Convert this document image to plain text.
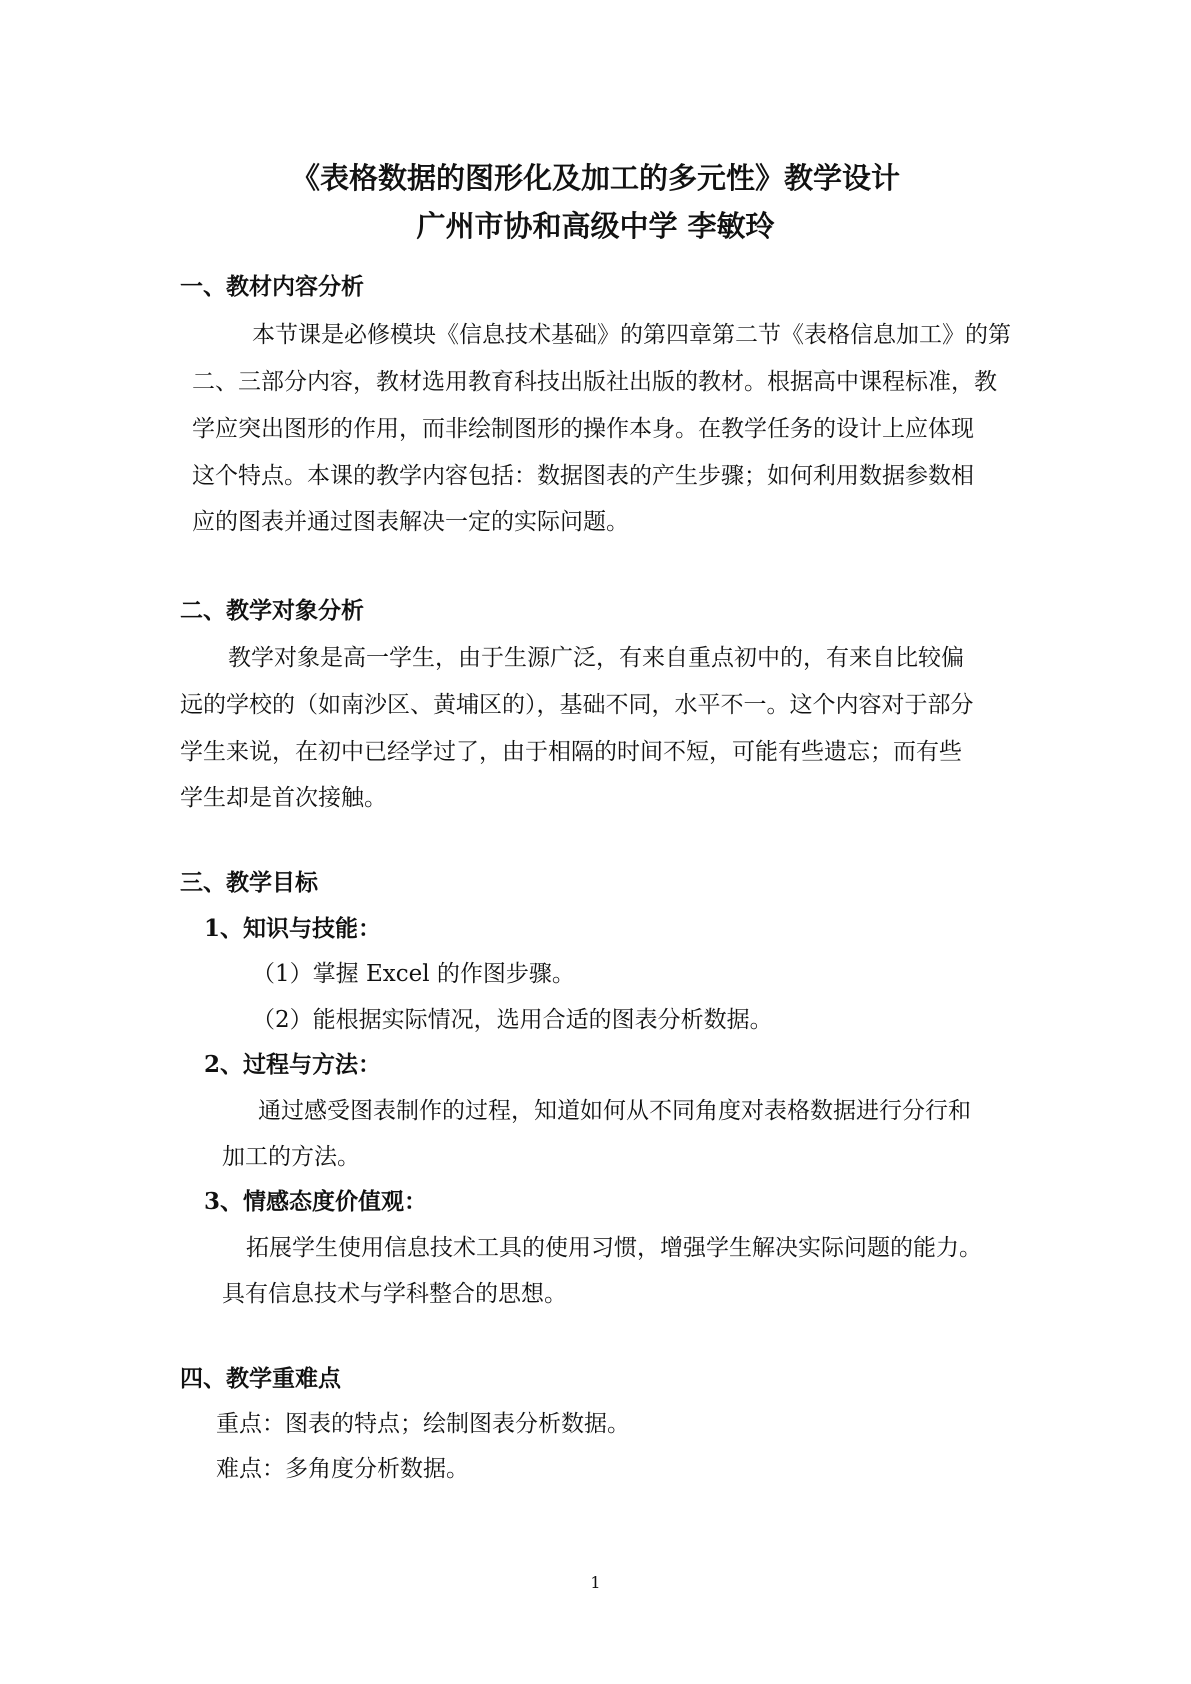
《表格数据的图形化及加工的多元性》教学设计
广州市协和高级中学 李敏玲
一、教材内容分析
本节课是必修模块《信息技术基础》的第四章第二节《表格信息加工》的第
二、三部分内容，教材选用教育科技出版社出版的教材。根据高中课程标准，教
学应突出图形的作用，而非绘制图形的操作本身。在教学任务的设计上应体现
这个特点。本课的教学内容包括：数据图表的产生步骤；如何利用数据参数相
应的图表并通过图表解决一定的实际问题。
二、教学对象分析
教学对象是高一学生，由于生源广泛，有来自重点初中的，有来自比较偏
远的学校的（如南沙区、黄埔区的），基础不同，水平不一。这个内容对于部分
学生来说，在初中已经学过了，由于相隔的时间不短，可能有些遗忘；而有些
学生却是首次接触。
三、教学目标
1、知识与技能：
（1）掌握 Excel 的作图步骤。
（2）能根据实际情况，选用合适的图表分析数据。
2、过程与方法：
通过感受图表制作的过程，知道如何从不同角度对表格数据进行分行和
加工的方法。
3、情感态度价值观：
拓展学生使用信息技术工具的使用习惯，增强学生解决实际问题的能力。
具有信息技术与学科整合的思想。
四、教学重难点
重点：图表的特点；绘制图表分析数据。
难点：多角度分析数据。
1
